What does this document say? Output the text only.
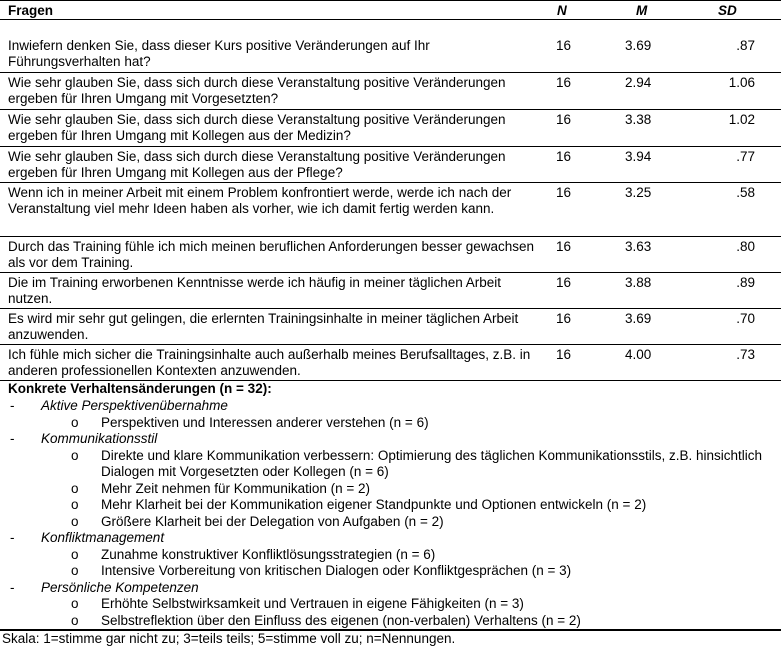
Fragen	N	M	SD
Inwiefern denken Sie, dass dieser Kurs positive Veränderungen auf Ihr Führungsverhalten hat?
16	3.69	.87
Wie sehr glauben Sie, dass sich durch diese Veranstaltung positive Veränderungen ergeben für Ihren Umgang mit Vorgesetzten?
16	2.94	1.06
Wie sehr glauben Sie, dass sich durch diese Veranstaltung positive Veränderungen ergeben für Ihren Umgang mit Kollegen aus der Medizin?
16	3.38	1.02
Wie sehr glauben Sie, dass sich durch diese Veranstaltung positive Veränderungen ergeben für Ihren Umgang mit Kollegen aus der Pflege?
16	3.94	.77
Wenn ich in meiner Arbeit mit einem Problem konfrontiert werde, werde ich nach der Veranstaltung viel mehr Ideen haben als vorher, wie ich damit fertig werden kann.
16	3.25	.58
Durch das Training fühle ich mich meinen beruflichen Anforderungen besser gewachsen als vor dem Training.
16	3.63	.80
Die im Training erworbenen Kenntnisse werde ich häufig in meiner täglichen Arbeit nutzen.
16	3.88	.89
Es wird mir sehr gut gelingen, die erlernten Trainingsinhalte in meiner täglichen Arbeit anzuwenden.
16	3.69	.70
Ich fühle mich sicher die Trainingsinhalte auch außerhalb meines Berufsalltages, z.B. in anderen professionellen Kontexten anzuwenden.
16	4.00	.73
Konkrete Verhaltensänderungen (n = 32):
- Aktive Perspektivenübernahme
o Perspektiven und Interessen anderer verstehen (n = 6)
- Kommunikationsstil
o Direkte und klare Kommunikation verbessern: Optimierung des täglichen Kommunikationsstils, z.B. hinsichtlich Dialogen mit Vorgesetzten oder Kollegen (n = 6)
o Mehr Zeit nehmen für Kommunikation (n = 2)
o Mehr Klarheit bei der Kommunikation eigener Standpunkte und Optionen entwickeln (n = 2)
o Größere Klarheit bei der Delegation von Aufgaben (n = 2)
- Konfliktmanagement
o Zunahme konstruktiver Konfliktlösungsstrategien (n = 6)
o Intensive Vorbereitung von kritischen Dialogen oder Konfliktgesprächen (n = 3)
- Persönliche Kompetenzen
o Erhöhte Selbstwirksamkeit und Vertrauen in eigene Fähigkeiten (n = 3)
o Selbstreflektion über den Einfluss des eigenen (non-verbalen) Verhaltens (n = 2)
Skala: 1=stimme gar nicht zu; 3=teils teils; 5=stimme voll zu; n=Nennungen.
